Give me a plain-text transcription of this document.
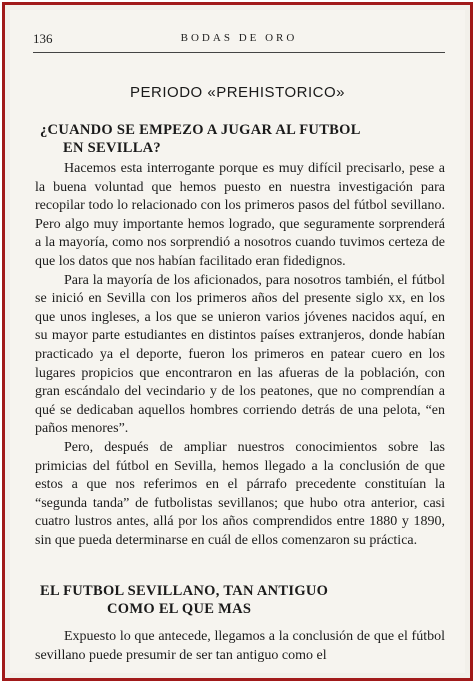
136	BODAS DE ORO
PERIODO «PREHISTORICO»
¿CUANDO SE EMPEZO A JUGAR AL FUTBOL
EN SEVILLA?

Hacemos esta interrogante porque es muy difícil precisarlo, pese a la buena voluntad que hemos puesto en nuestra investigación para recopilar todo lo relacionado con los primeros pasos del fútbol sevillano. Pero algo muy importante hemos logrado, que seguramente sorprenderá a la mayoría, como nos sorprendió a nosotros cuando tuvimos certeza de que los datos que nos habían facilitado eran fidedignos.

Para la mayoría de los aficionados, para nosotros también, el fútbol se inició en Sevilla con los primeros años del presente siglo xx, en los que unos ingleses, a los que se unieron varios jóvenes nacidos aquí, en su mayor parte estudiantes en distintos países extranjeros, donde habían practicado ya el deporte, fueron los primeros en patear cuero en los lugares propicios que encontraron en las afueras de la población, con gran escándalo del vecindario y de los peatones, que no comprendían a qué se dedicaban aquellos hombres corriendo detrás de una pelota, “en paños menores”.

Pero, después de ampliar nuestros conocimientos sobre las primicias del fútbol en Sevilla, hemos llegado a la conclusión de que estos a que nos referimos en el párrafo precedente constituían la “segunda tanda” de futbolistas sevillanos; que hubo otra anterior, casi cuatro lustros antes, allá por los años comprendidos entre 1880 y 1890, sin que pueda determinarse en cuál de ellos comenzaron su práctica.

EL FUTBOL SEVILLANO, TAN ANTIGUO
COMO EL QUE MAS

Expuesto lo que antecede, llegamos a la conclusión de que el fútbol sevillano puede presumir de ser tan antiguo como el
